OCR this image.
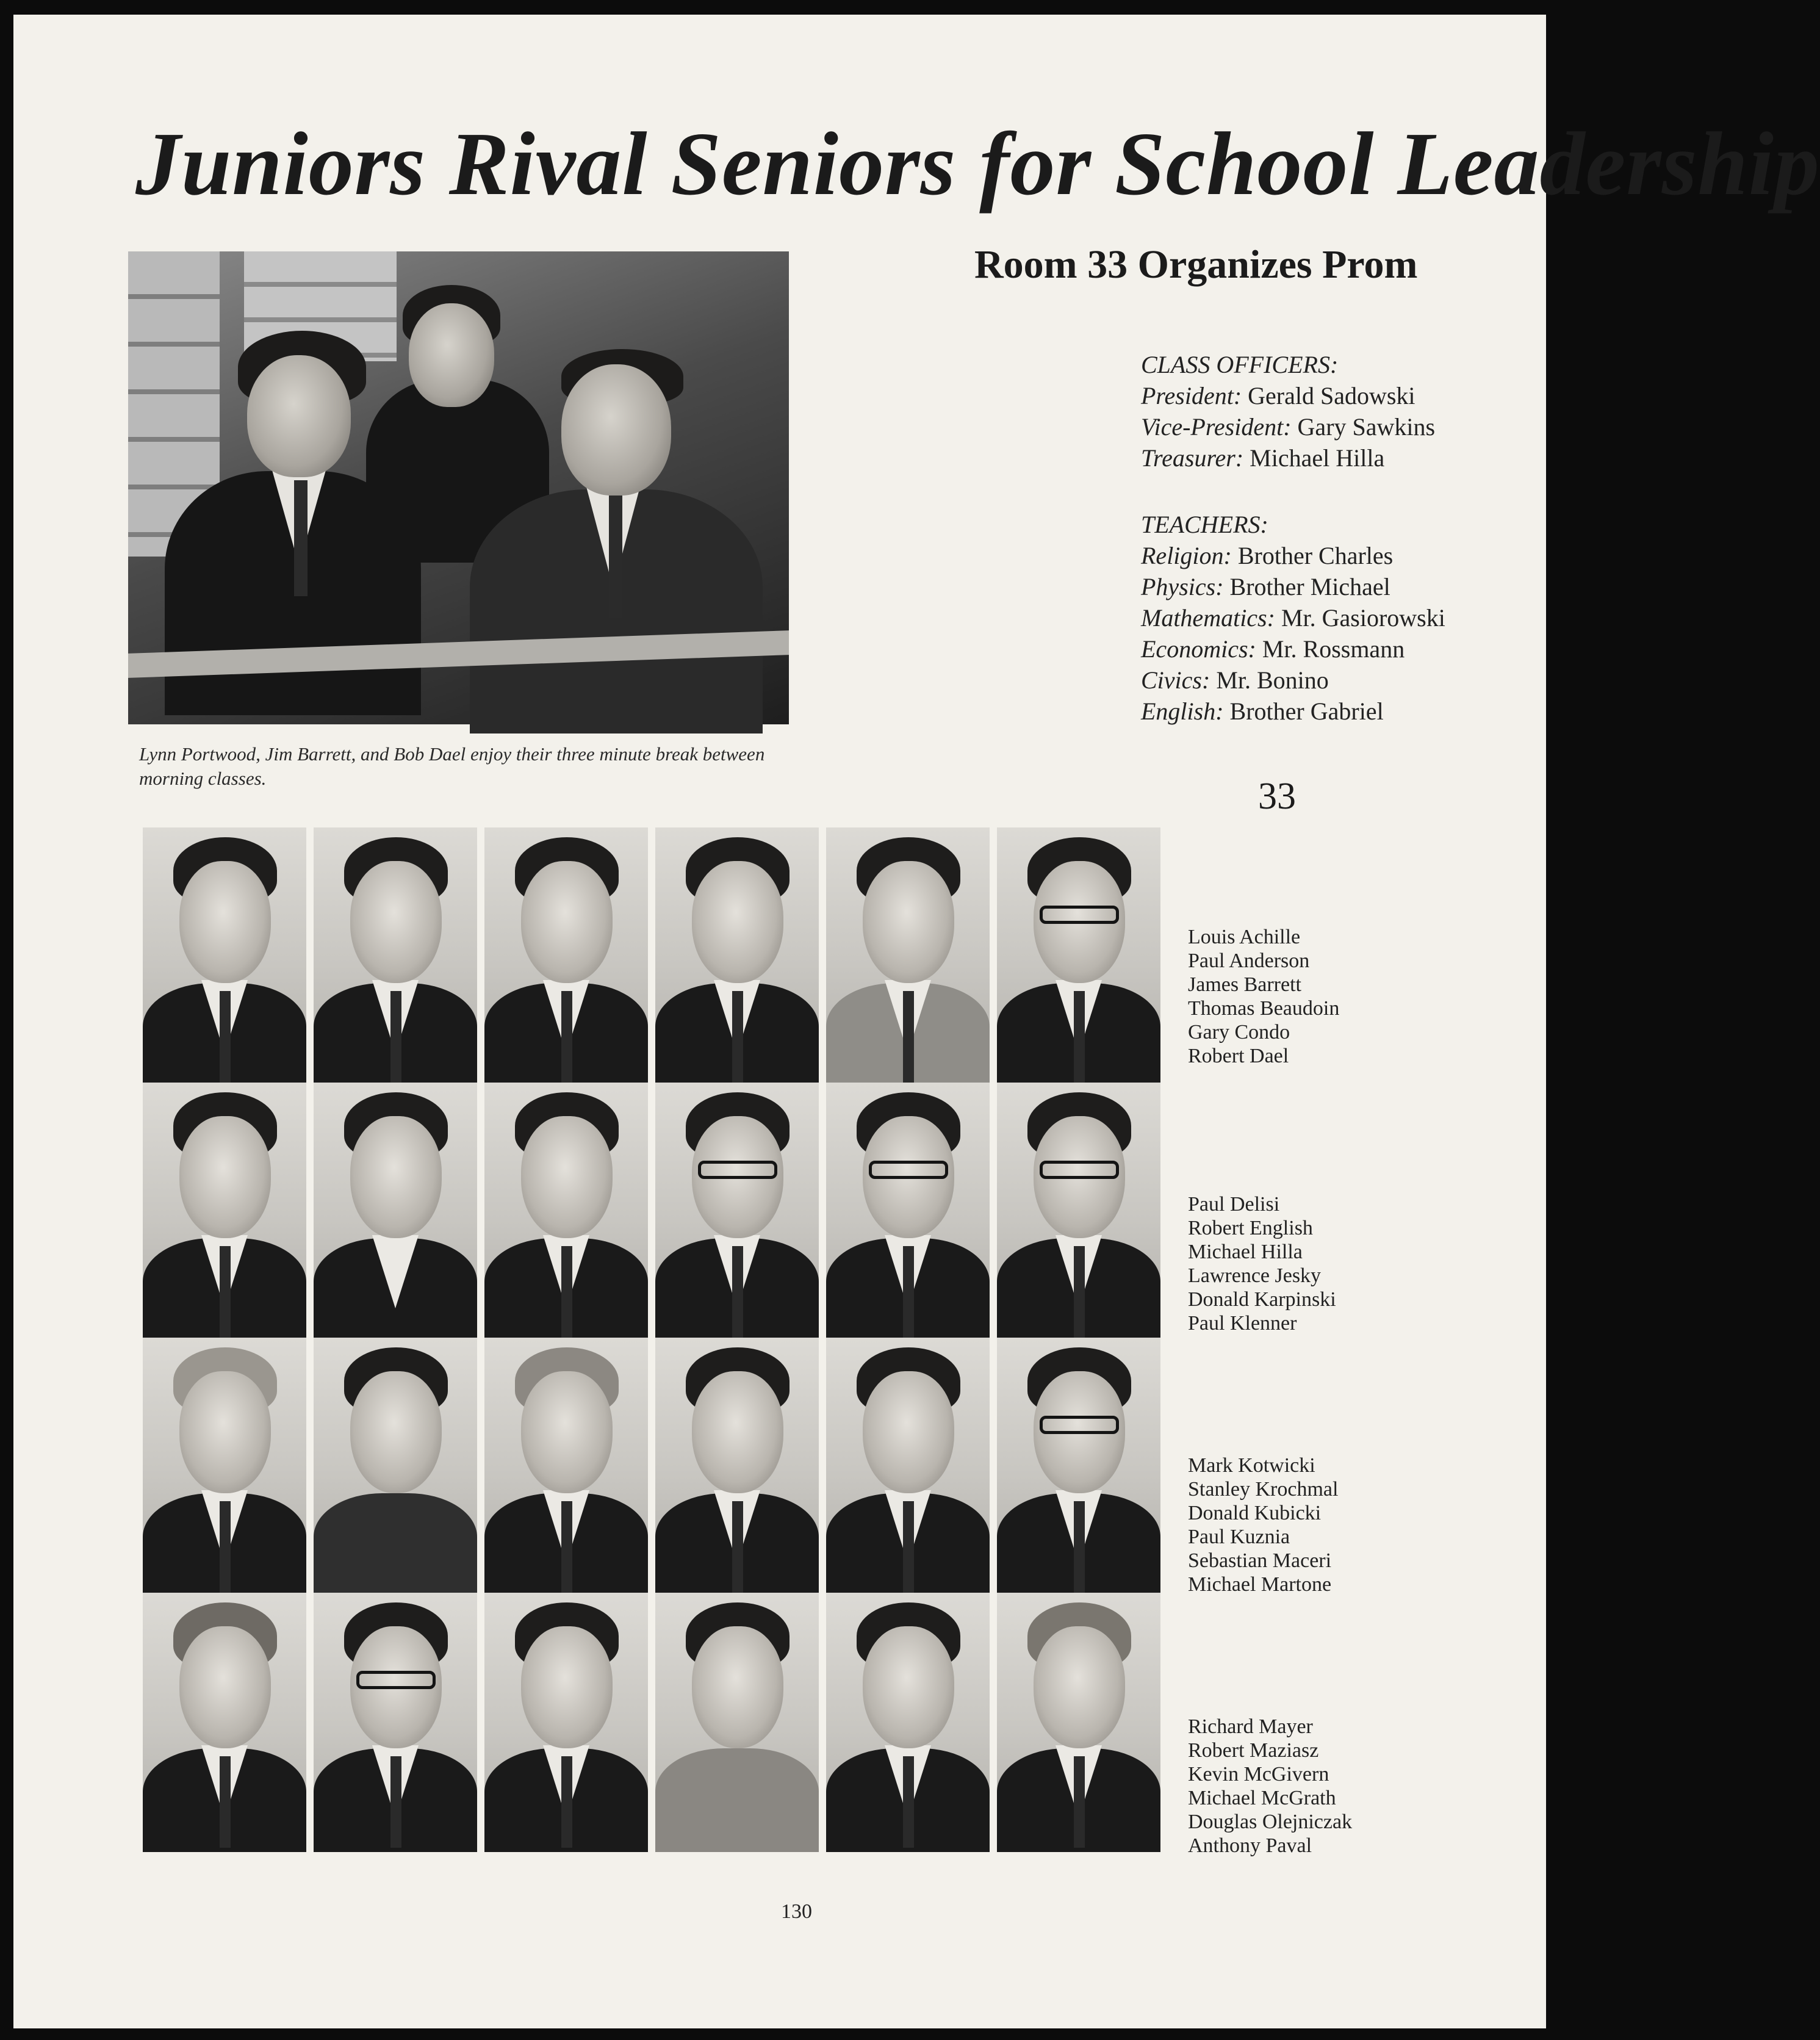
Juniors Rival Seniors for School Leadership

Lynn Portwood, Jim Barrett, and Bob Dael enjoy their three minute break between morning classes.

Room 33 Organizes Prom
CLASS OFFICERS:
President: Gerald Sadowski
Vice-President: Gary Sawkins
Treasurer: Michael Hilla
TEACHERS:
Religion: Brother Charles
Physics: Brother Michael
Mathematics: Mr. Gasiorowski
Economics: Mr. Rossmann
Civics: Mr. Bonino
English: Brother Gabriel

33

Louis Achille
Paul Anderson
James Barrett
Thomas Beaudoin
Gary Condo
Robert Dael
Paul Delisi
Robert English
Michael Hilla
Lawrence Jesky
Donald Karpinski
Paul Klenner
Mark Kotwicki
Stanley Krochmal
Donald Kubicki
Paul Kuznia
Sebastian Maceri
Michael Martone
Richard Mayer
Robert Maziasz
Kevin McGivern
Michael McGrath
Douglas Olejniczak
Anthony Paval

130
